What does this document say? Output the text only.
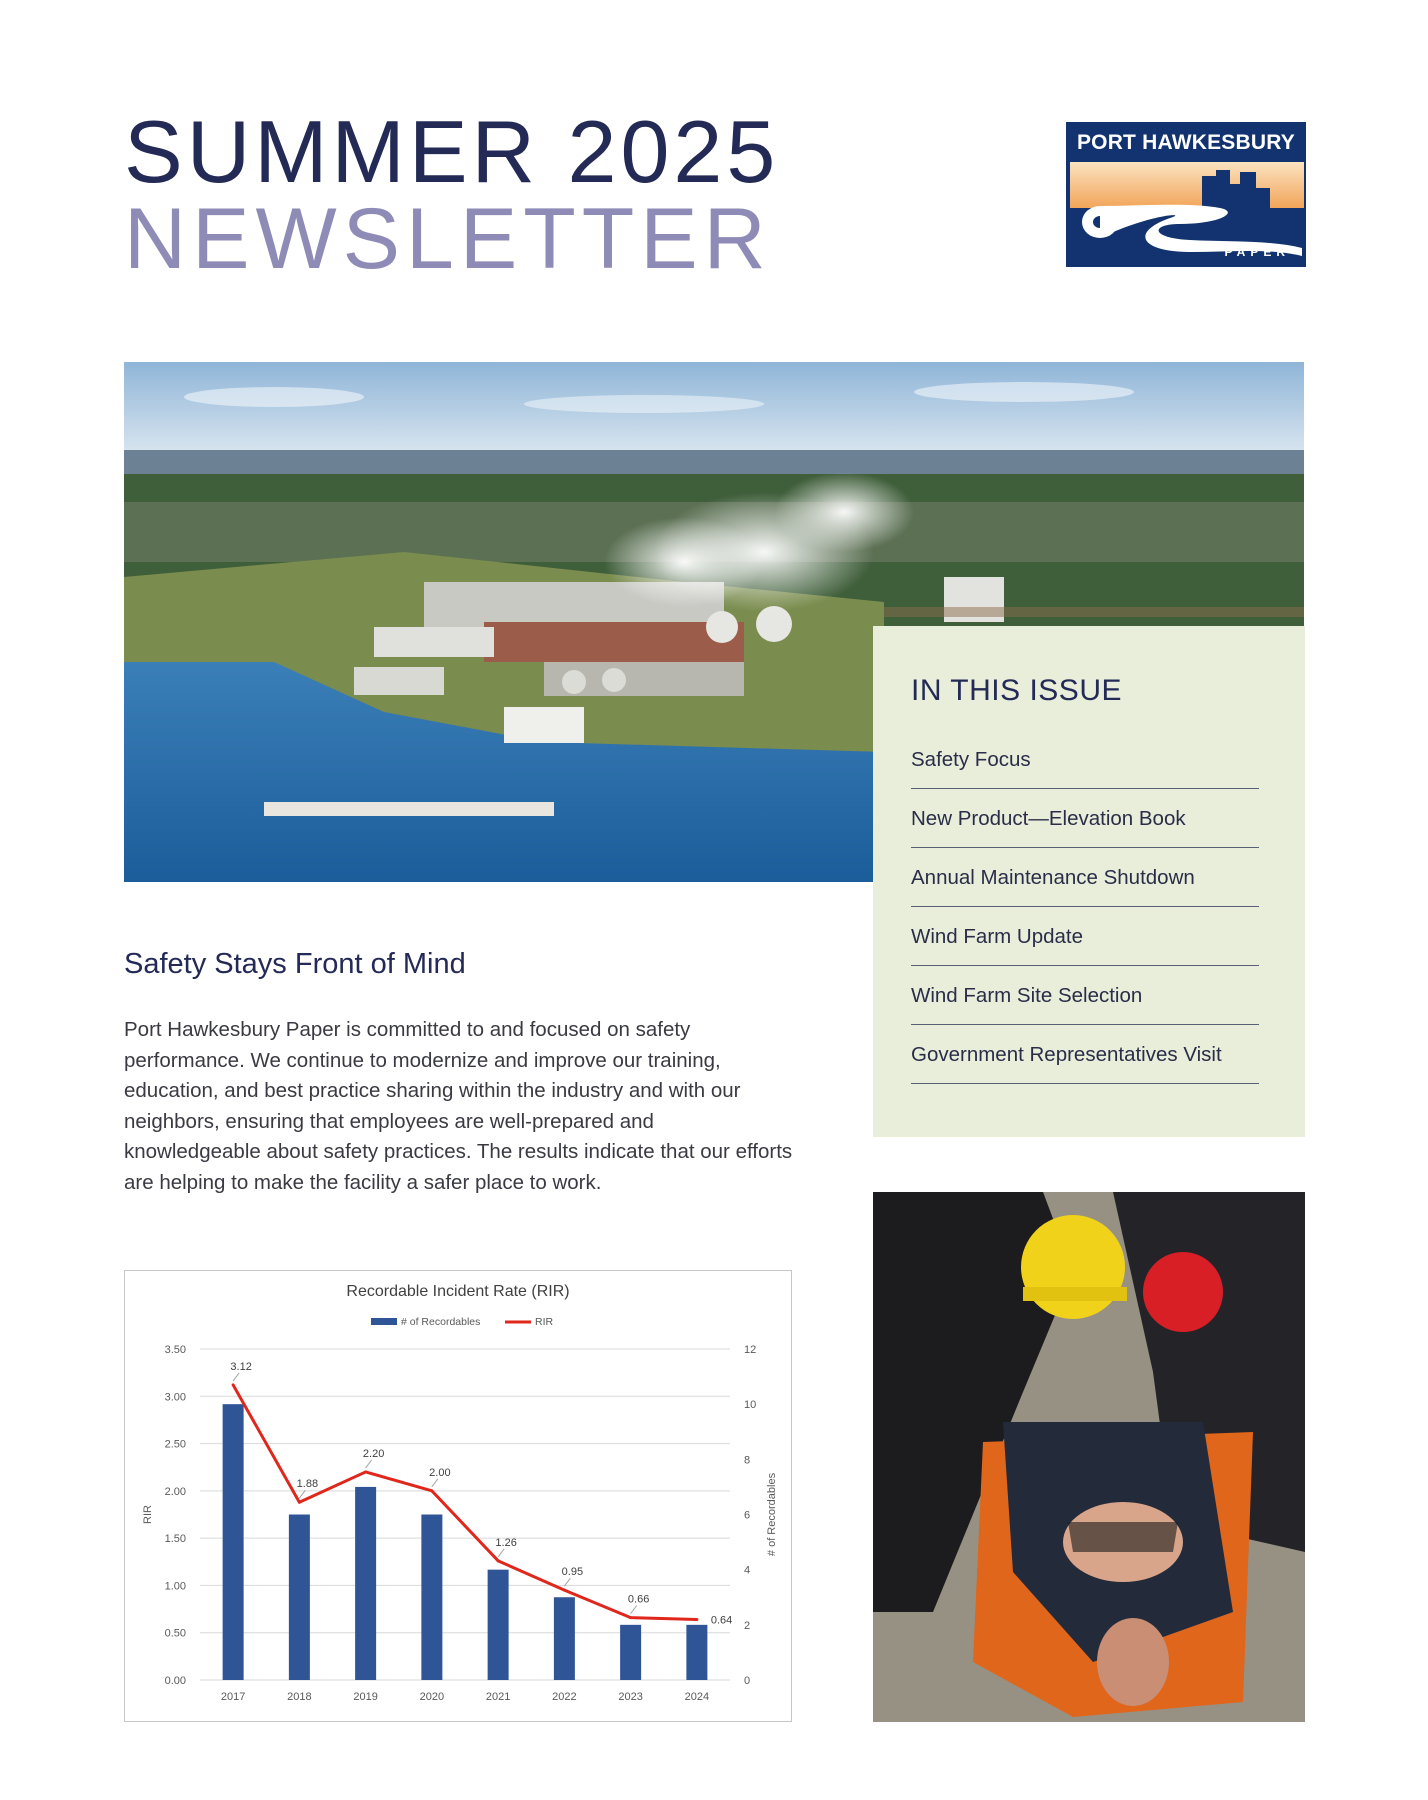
SUMMER 2025
NEWSLETTER
PORT HAWKESBURY
PAPER
IN THIS ISSUE
Safety Focus
New Product—Elevation Book
Annual Maintenance Shutdown
Wind Farm Update
Wind Farm Site Selection
Government Representatives Visit
Safety Stays Front of Mind

Port Hawkesbury Paper is committed to and focused on safety performance. We continue to modernize and improve our training, education, and best practice sharing within the industry and with our neighbors, ensuring that employees are well-prepared and knowledgeable about safety practices. The results indicate that our efforts are helping to make the facility a safer place to work.

Recordable Incident Rate (RIR)
# of Recordables	RIR
0.00
0.50
1.00
1.50
2.00
2.50
3.00
3.50
0
2
4
6
8
10
12
RIR	# of Recordables
2017	2018	2019	2020	2021	2022	2023	2024
3.12
1.88
2.20
2.00
1.26
0.95
0.66
0.64
